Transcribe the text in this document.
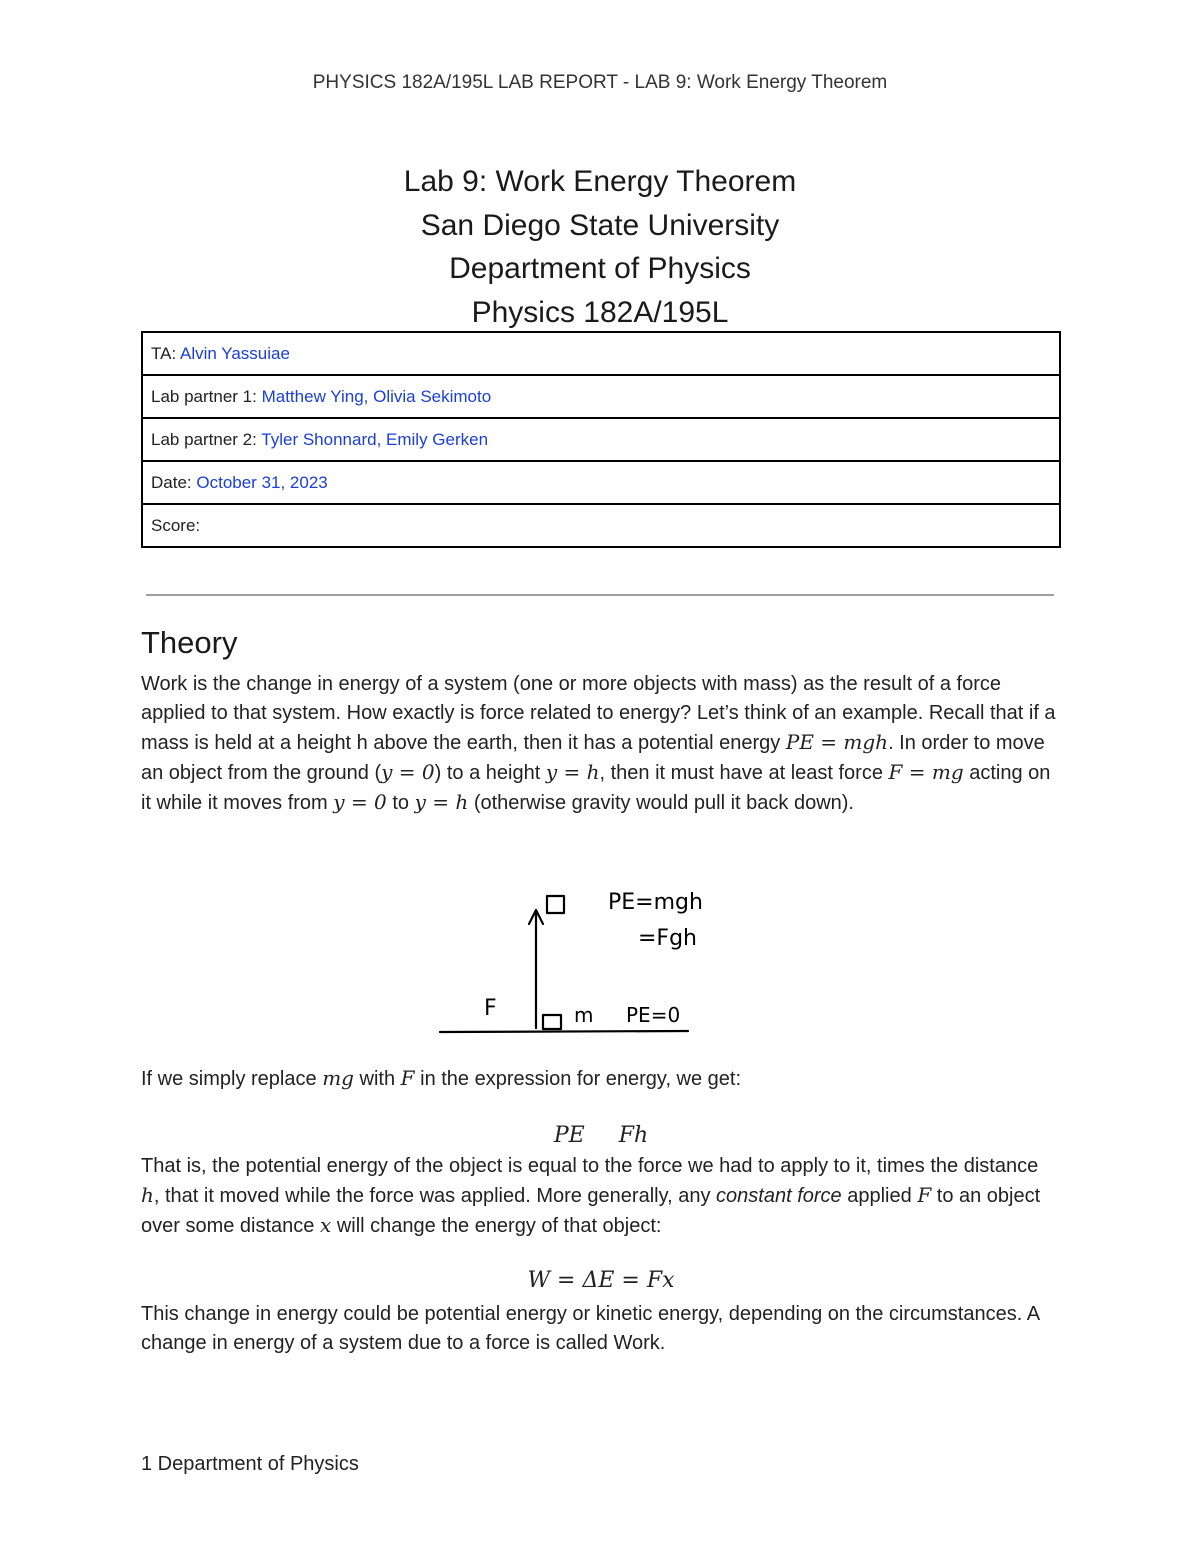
PHYSICS 182A/195L LAB REPORT - LAB 9: Work Energy Theorem

Lab 9: Work Energy Theorem
San Diego State University
Department of Physics
Physics 182A/195L
TA: Alvin Yassuiae
Lab partner 1: Matthew Ying, Olivia Sekimoto
Lab partner 2: Tyler Shonnard, Emily Gerken
Date: October 31, 2023
Score:
Theory

Work is the change in energy of a system (one or more objects with mass) as the result of a force applied to that system. How exactly is force related to energy? Let’s think of an example. Recall that if a mass is held at a height h above the earth, then it has a potential energy PE = mgh. In order to move an object from the ground (y = 0) to a height y = h, then it must have at least force F = mg acting on it while it moves from y = 0 to y = h (otherwise gravity would pull it back down).

PE=mgh
=Fgh
F	m PE=0

If we simply replace mg with F in the expression for energy, we get:

PE Fh

That is, the potential energy of the object is equal to the force we had to apply to it, times the distance h, that it moved while the force was applied. More generally, any constant force applied F to an object over some distance x will change the energy of that object:

W = ΔE = Fx

This change in energy could be potential energy or kinetic energy, depending on the circumstances. A change in energy of a system due to a force is called Work.

1 Department of Physics
